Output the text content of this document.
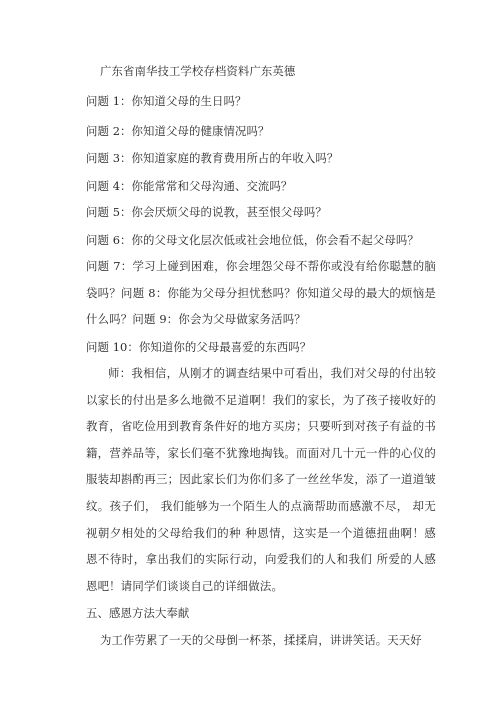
广东省南华技工学校存档资料广东英德
问题 1：你知道父母的生日吗？
问题 2：你知道父母的健康情况吗？
问题 3：你知道家庭的教育费用所占的年收入吗？
问题 4：你能常常和父母沟通、交流吗？
问题 5：你会厌烦父母的说教，甚至恨父母吗？
问题 6：你的父母文化层次低或社会地位低，你会看不起父母吗？
问题 7：学习上碰到困难，你会埋怨父母不帮你或没有给你聪慧的脑袋吗？问题 8：你能为父母分担忧愁吗？你知道父母的最大的烦恼是什么吗？问题 9：你会为父母做家务活吗？
问题 10：你知道你的父母最喜爱的东西吗？
师：我相信，从刚才的调查结果中可看出，我们对父母的付出较以家长的付出是多么地微不足道啊！我们的家长，为了孩子接收好的教育，省吃俭用到教育条件好的地方买房；只要听到对孩子有益的书籍，营养品等，家长们毫不犹豫地掏钱。而面对几十元一件的心仪的服装却斟酌再三；因此家长们为你们多了一丝丝华发，添了一道道皱纹。孩子们， 我们能够为一个陌生人的点滴帮助而感激不尽， 却无视朝夕相处的父母给我们的种 种恩情，这实是一个道德扭曲啊！感恩不待时，拿出我们的实际行动，向爱我们的人和我们 所爱的人感恩吧！请同学们谈谈自己的详细做法。
五、感恩方法大奉献
为工作劳累了一天的父母倒一杯茶，揉揉肩，讲讲笑话。天天好
